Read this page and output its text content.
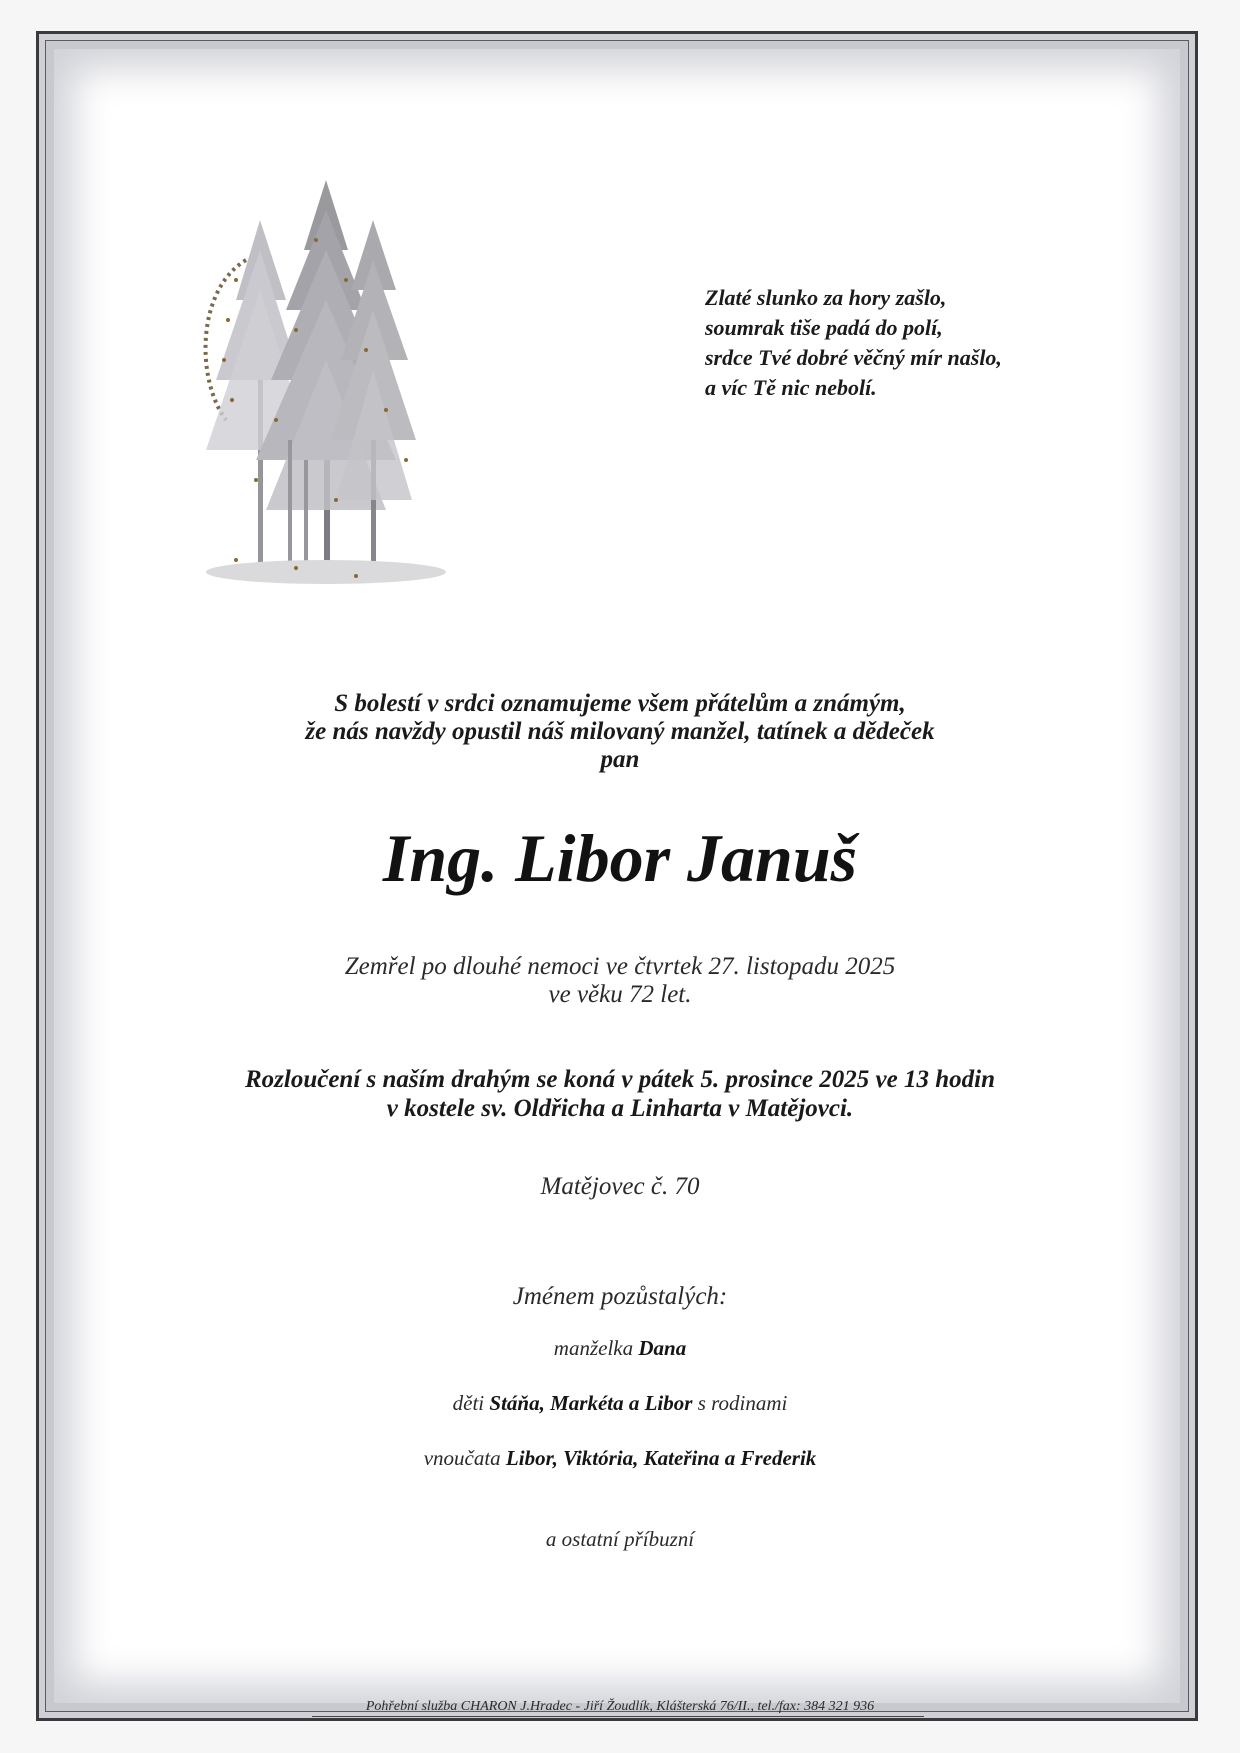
Zlaté slunko za hory zašlo,
soumrak tiše padá do polí,
srdce Tvé dobré věčný mír našlo,
a víc Tě nic nebolí.
S bolestí v srdci oznamujeme všem přátelům a známým,
že nás navždy opustil náš milovaný manžel, tatínek a dědeček
pan
Ing. Libor Januš
Zemřel po dlouhé nemoci ve čtvrtek 27. listopadu 2025
ve věku 72 let.
Rozloučení s naším drahým se koná v pátek 5. prosince 2025 ve 13 hodin
v kostele sv. Oldřicha a Linharta v Matějovci.
Matějovec č. 70
Jménem pozůstalých:
manželka Dana
děti Stáňa, Markéta a Libor s rodinami
vnoučata Libor, Viktória, Kateřina a Frederik
a ostatní příbuzní
Pohřební služba CHARON J.Hradec - Jiří Žoudlík, Klášterská 76/II., tel./fax: 384 321 936
